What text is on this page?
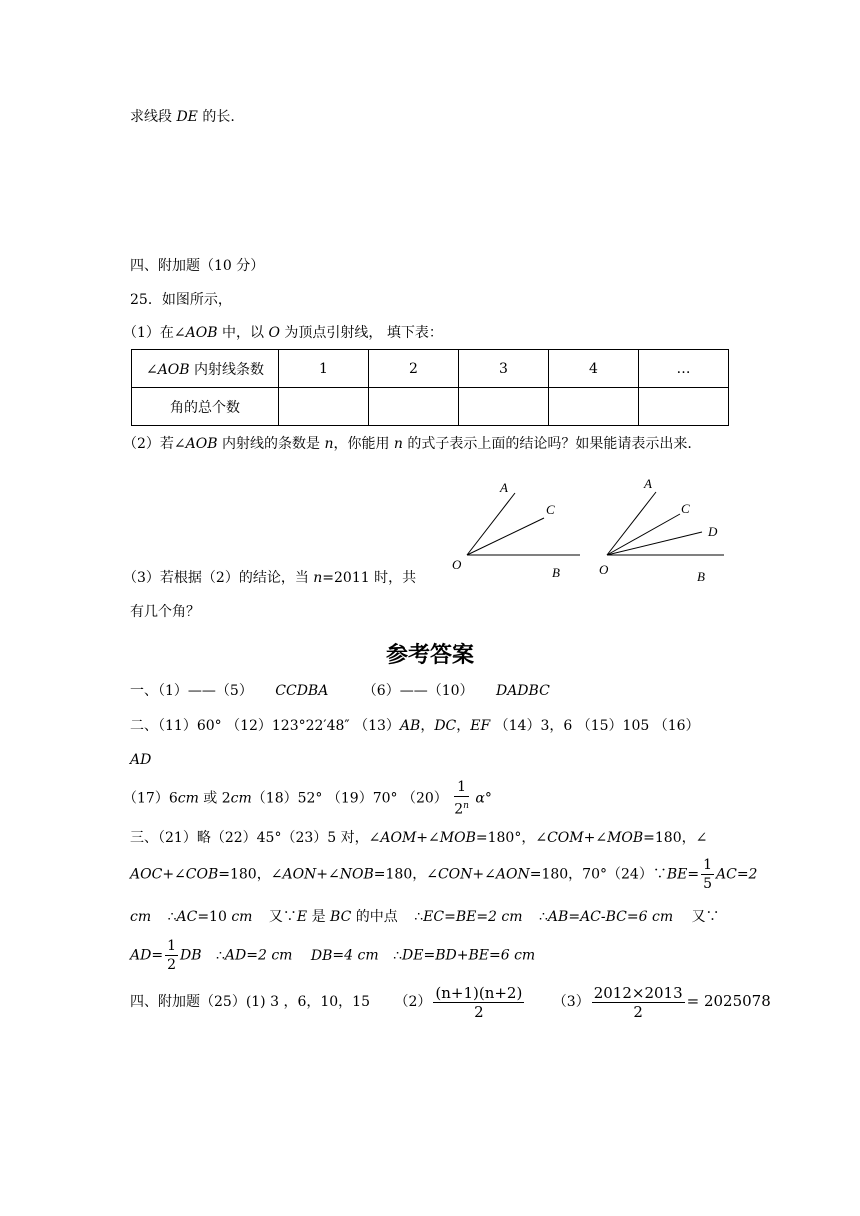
求线段 DE 的长.
四、附加题（10 分）
25．如图所示，
（1）在∠AOB 中，以 O 为顶点引射线， 填下表：
∠AOB 内射线条数	1	2	3	4	…
角的总个数					
（2）若∠AOB 内射线的条数是 n，你能用 n 的式子表示上面的结论吗？如果能请表示出来.
A
C
O
B
A
C
D
O	B
（3）若根据（2）的结论，当 n=2011 时，共
有几个角？
参考答案
一、（1）——（5） CCDBA （6）——（10） DADBC
二、（11）60° （12）123°22′48″ （13）AB，DC，EF （14）3，6 （15）105 （16）
AD
（17）6cm 或 2cm（18）52° （19）70° $(20) \frac{1}{2^n} \alpha^\circ$
三、（21）略（22）45°（23）5 对，∠AOM+∠MOB=180°，∠COM+∠MOB=180，∠
AOC+∠COB=180，∠AON+∠NOB=180，∠CON+∠AON=180，70°（24）∵BE= $\frac{1}{5} AC=2$
cm ∴AC=10 cm 又∵E 是 BC 的中点 ∴EC=BE=2 cm ∴AB=AC-BC=6 cm 又∵
$AD= \frac{1}{2}$ DB ∴AD=2 cm DB=4 cm ∴DE=BD+BE=6 cm
四、附加题（25）(1) 3 ，6，10，15 $(2) \frac{(n+1)(n+2)}{2} (3) \frac{2012\times 2013}{2} = 2025078$
